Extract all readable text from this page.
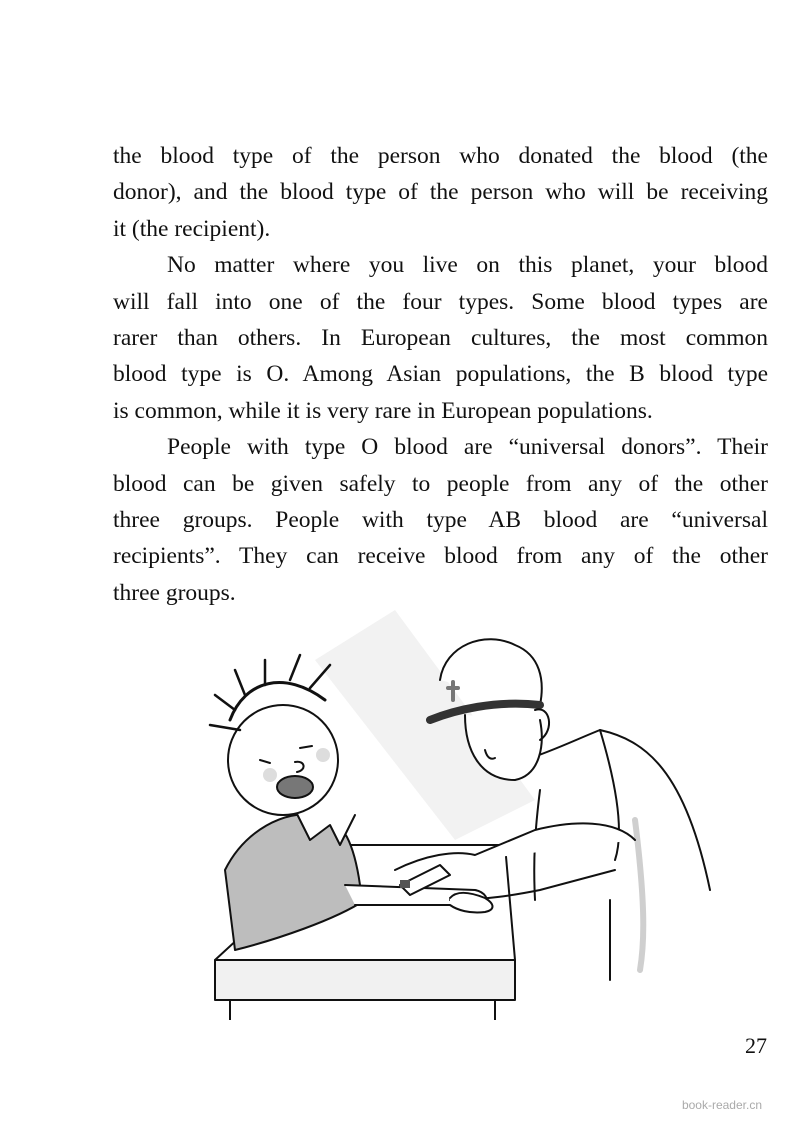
the blood type of the person who donated the blood (the
donor), and the blood type of the person who will be receiving
it (the recipient).

No matter where you live on this planet, your blood
will fall into one of the four types. Some blood types are
rarer than others. In European cultures, the most common
blood type is O. Among Asian populations, the B blood type
is common, while it is very rare in European populations.

People with type O blood are “universal donors”. Their
blood can be given safely to people from any of the other
three groups. People with type AB blood are “universal
recipients”. They can receive blood from any of the other
three groups.

27
book-reader.cn
